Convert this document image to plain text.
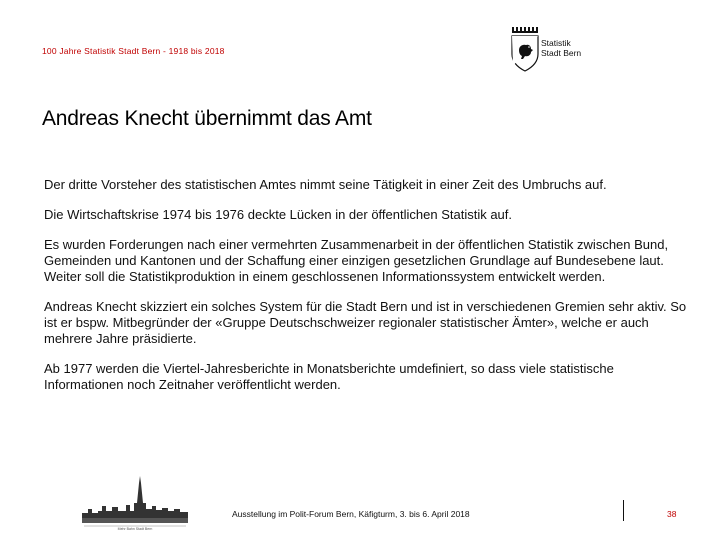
100 Jahre Statistik Stadt Bern - 1918 bis 2018
Statistik
Stadt Bern
Andreas Knecht übernimmt das Amt

Der dritte Vorsteher des statistischen Amtes nimmt seine Tätigkeit in einer Zeit des Umbruchs auf.

Die Wirtschaftskrise 1974 bis 1976 deckte Lücken in der öffentlichen Statistik auf.

Es wurden Forderungen nach einer vermehrten Zusammenarbeit in der öffentlichen Statistik zwischen Bund, Gemeinden und Kantonen und der Schaffung einer einzigen gesetzlichen Grundlage auf Bundesebene laut. Weiter soll die Statistikproduktion in einem geschlossenen Informationssystem entwickelt werden.

Andreas Knecht skizziert ein solches System für die Stadt Bern und ist in verschiedenen Gremien sehr aktiv. So ist er bspw. Mitbegründer der «Gruppe Deutschschweizer regionaler statistischer Ämter», welche er auch mehrere Jahre präsidierte.

Ab 1977 werden die Viertel-Jahresberichte in Monatsberichte umdefiniert, so dass viele statistische Informationen noch Zeitnaher veröffentlicht werden.

Mehr Bahn Stadt Bern
Ausstellung im Polit-Forum Bern, Käfigturm, 3. bis 6. April 2018	38
